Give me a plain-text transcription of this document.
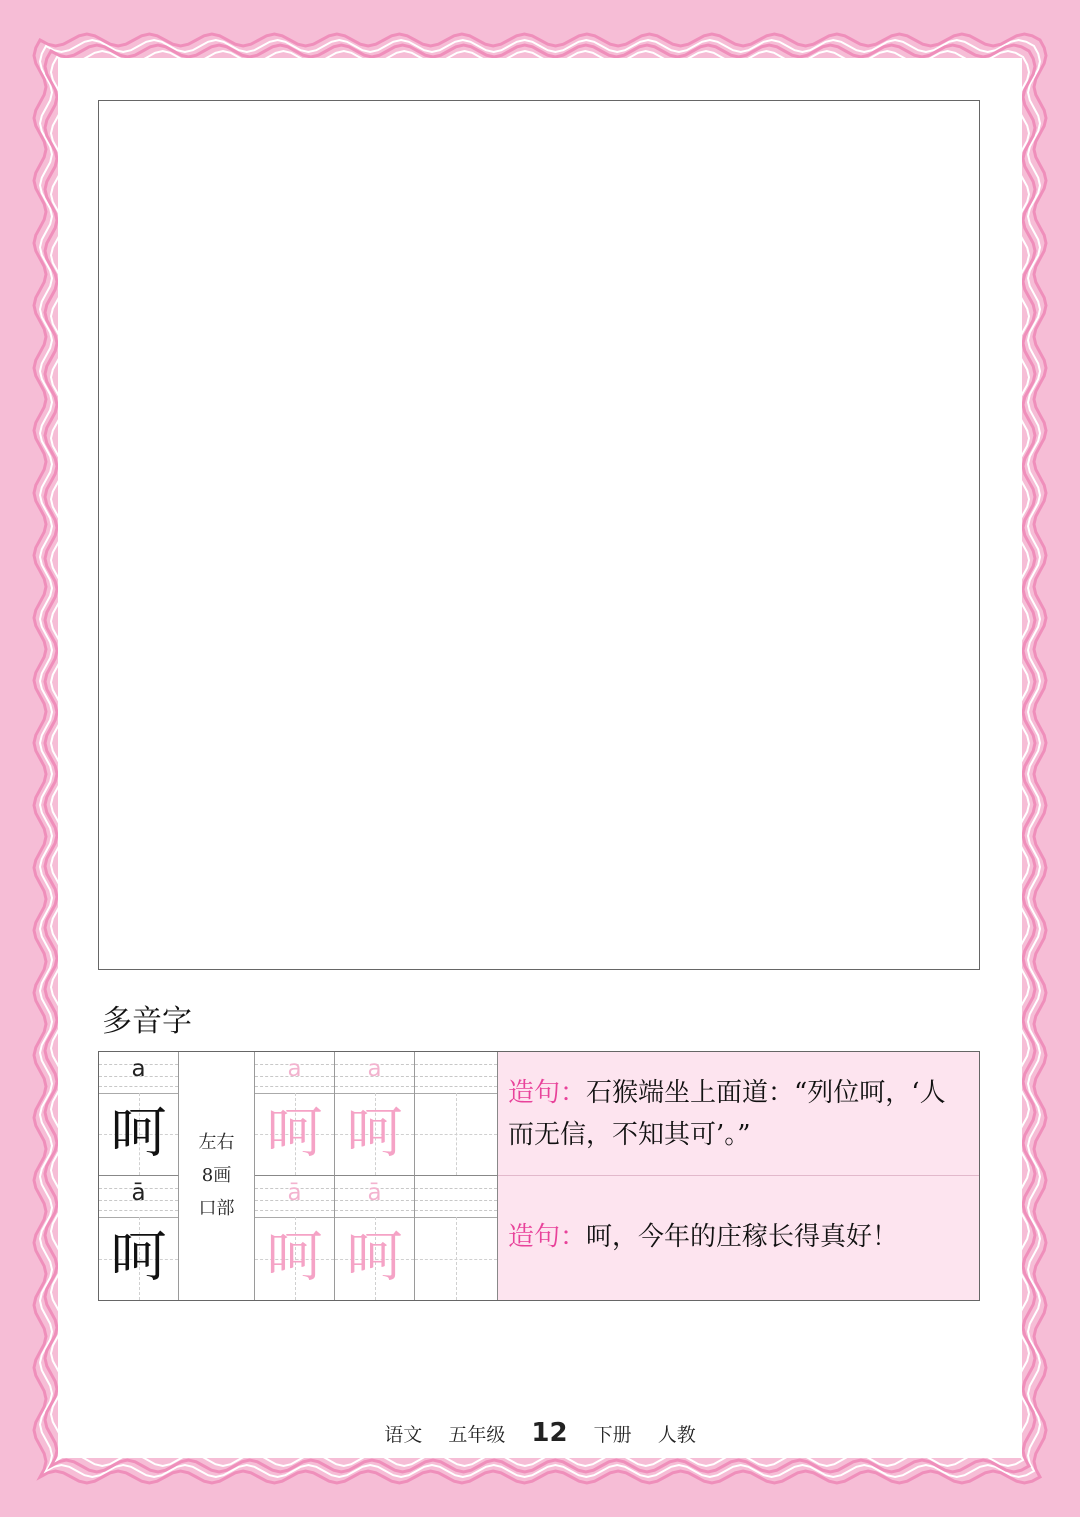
多音字
a
呵	左右
8画
口部
a
呵
a
呵
ā
呵
ā
呵
ā
呵
造句：石猴端坐上面道：“列位呵，‘人而无信，不知其可’。”
造句：呵，今年的庄稼长得真好！
语文 五年级 12 下册 人教
